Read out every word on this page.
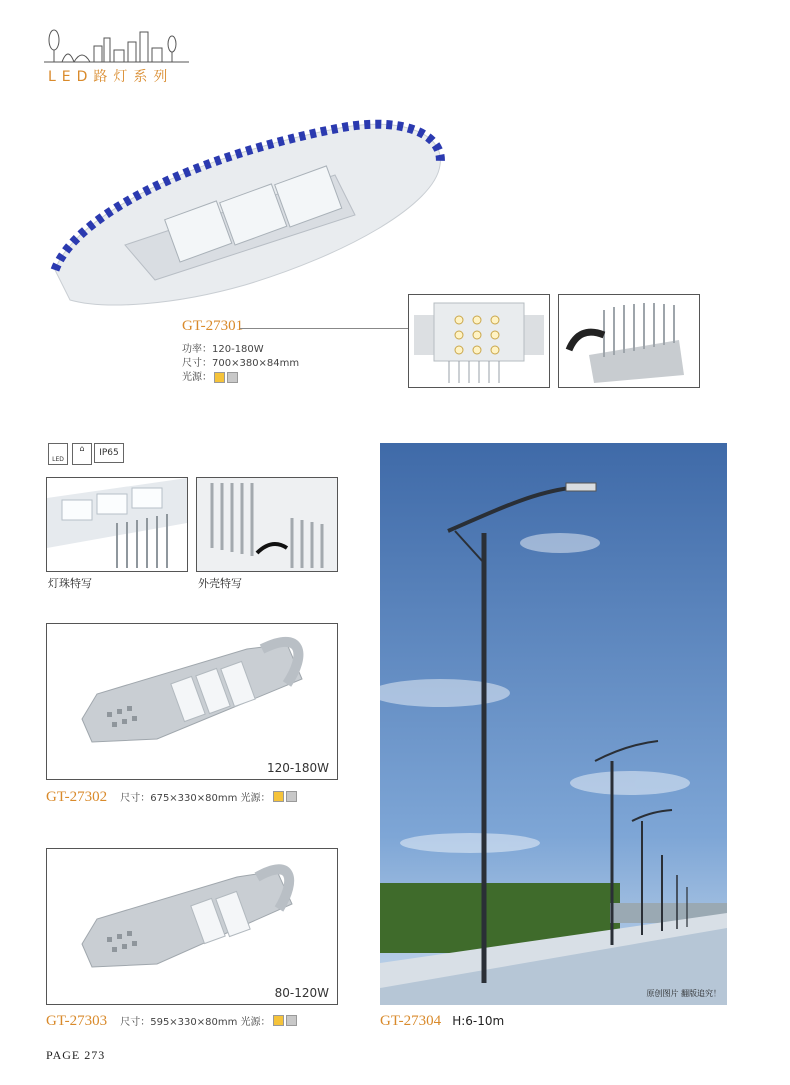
LED路灯系列
GT-27301
功率：120-180W
尺寸：700×380×84mm
光源：
LED
⌂	IP65
灯珠特写	外壳特写
120-180W
GT-27302 尺寸：675×330×80mm 光源：
80-120W
GT-27303 尺寸：595×330×80mm 光源：
原创图片 翻版追究！
GT-27304 H:6-10m
PAGE 273
